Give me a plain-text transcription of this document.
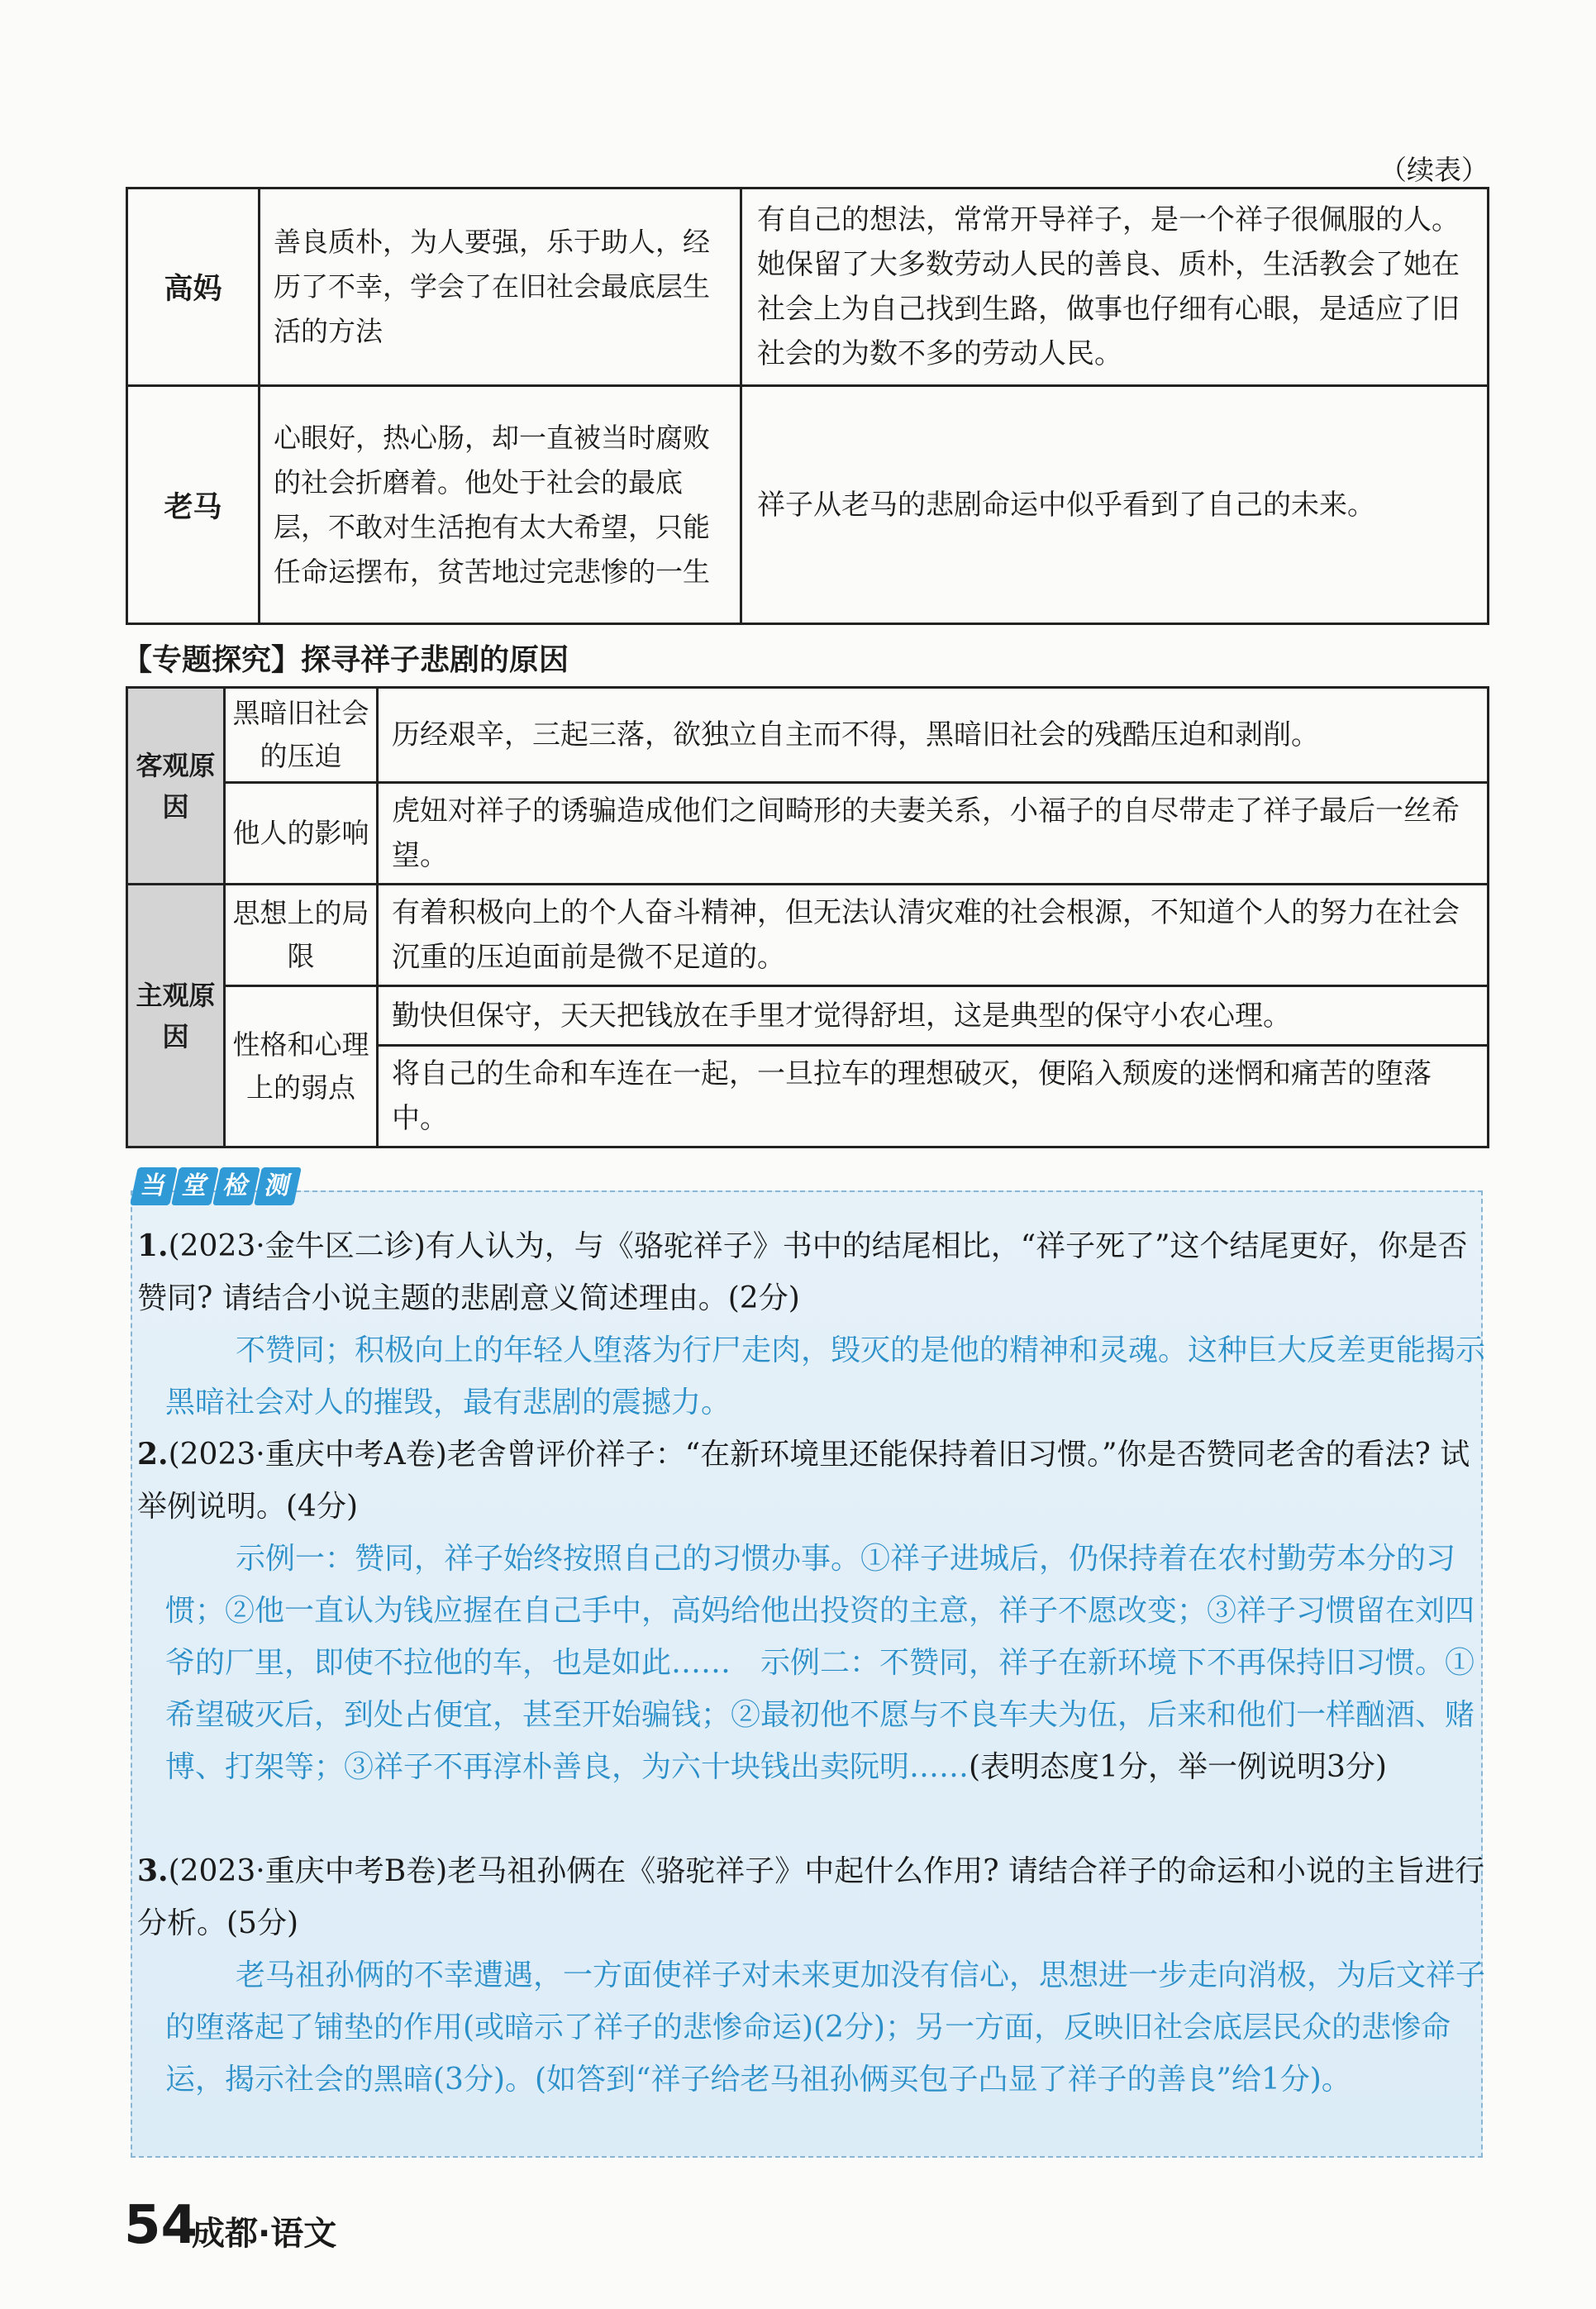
（续表）
高妈	善良质朴，为人要强，乐于助人，经历了不幸，学会了在旧社会最底层生活的方法	有自己的想法，常常开导祥子，是一个祥子很佩服的人。她保留了大多数劳动人民的善良、质朴，生活教会了她在社会上为自己找到生路，做事也仔细有心眼，是适应了旧社会的为数不多的劳动人民。
老马	心眼好，热心肠，却一直被当时腐败的社会折磨着。他处于社会的最底层，不敢对生活抱有太大希望，只能任命运摆布，贫苦地过完悲惨的一生	祥子从老马的悲剧命运中似乎看到了自己的未来。
【专题探究】探寻祥子悲剧的原因
客观原因	黑暗旧社会的压迫	历经艰辛，三起三落，欲独立自主而不得，黑暗旧社会的残酷压迫和剥削。
	他人的影响	虎妞对祥子的诱骗造成他们之间畸形的夫妻关系，小福子的自尽带走了祥子最后一丝希望。
主观原因	思想上的局限	有着积极向上的个人奋斗精神，但无法认清灾难的社会根源，不知道个人的努力在社会沉重的压迫面前是微不足道的。
	性格和心理上的弱点	勤快但保守，天天把钱放在手里才觉得舒坦，这是典型的保守小农心理。
		将自己的生命和车连在一起，一旦拉车的理想破灭，便陷入颓废的迷惘和痛苦的堕落中。
当 堂 检 测
1.(2023·金牛区二诊)有人认为，与《骆驼祥子》书中的结尾相比，“祥子死了”这个结尾更好，你是否赞同? 请结合小说主题的悲剧意义简述理由。(2分)
不赞同；积极向上的年轻人堕落为行尸走肉，毁灭的是他的精神和灵魂。这种巨大反差更能揭示黑暗社会对人的摧毁，最有悲剧的震撼力。
2.(2023·重庆中考A卷)老舍曾评价祥子：“在新环境里还能保持着旧习惯。”你是否赞同老舍的看法? 试举例说明。(4分)
示例一：赞同，祥子始终按照自己的习惯办事。①祥子进城后，仍保持着在农村勤劳本分的习惯；②他一直认为钱应握在自己手中，高妈给他出投资的主意，祥子不愿改变；③祥子习惯留在刘四爷的厂里，即使不拉他的车，也是如此……　示例二：不赞同，祥子在新环境下不再保持旧习惯。①希望破灭后，到处占便宜，甚至开始骗钱；②最初他不愿与不良车夫为伍，后来和他们一样酗酒、赌博、打架等；③祥子不再淳朴善良，为六十块钱出卖阮明……(表明态度1分，举一例说明3分)
3.(2023·重庆中考B卷)老马祖孙俩在《骆驼祥子》中起什么作用? 请结合祥子的命运和小说的主旨进行分析。(5分)
老马祖孙俩的不幸遭遇，一方面使祥子对未来更加没有信心，思想进一步走向消极，为后文祥子的堕落起了铺垫的作用(或暗示了祥子的悲惨命运)(2分)；另一方面，反映旧社会底层民众的悲惨命运，揭示社会的黑暗(3分)。(如答到“祥子给老马祖孙俩买包子凸显了祥子的善良”给1分)。
54
成都·语文
